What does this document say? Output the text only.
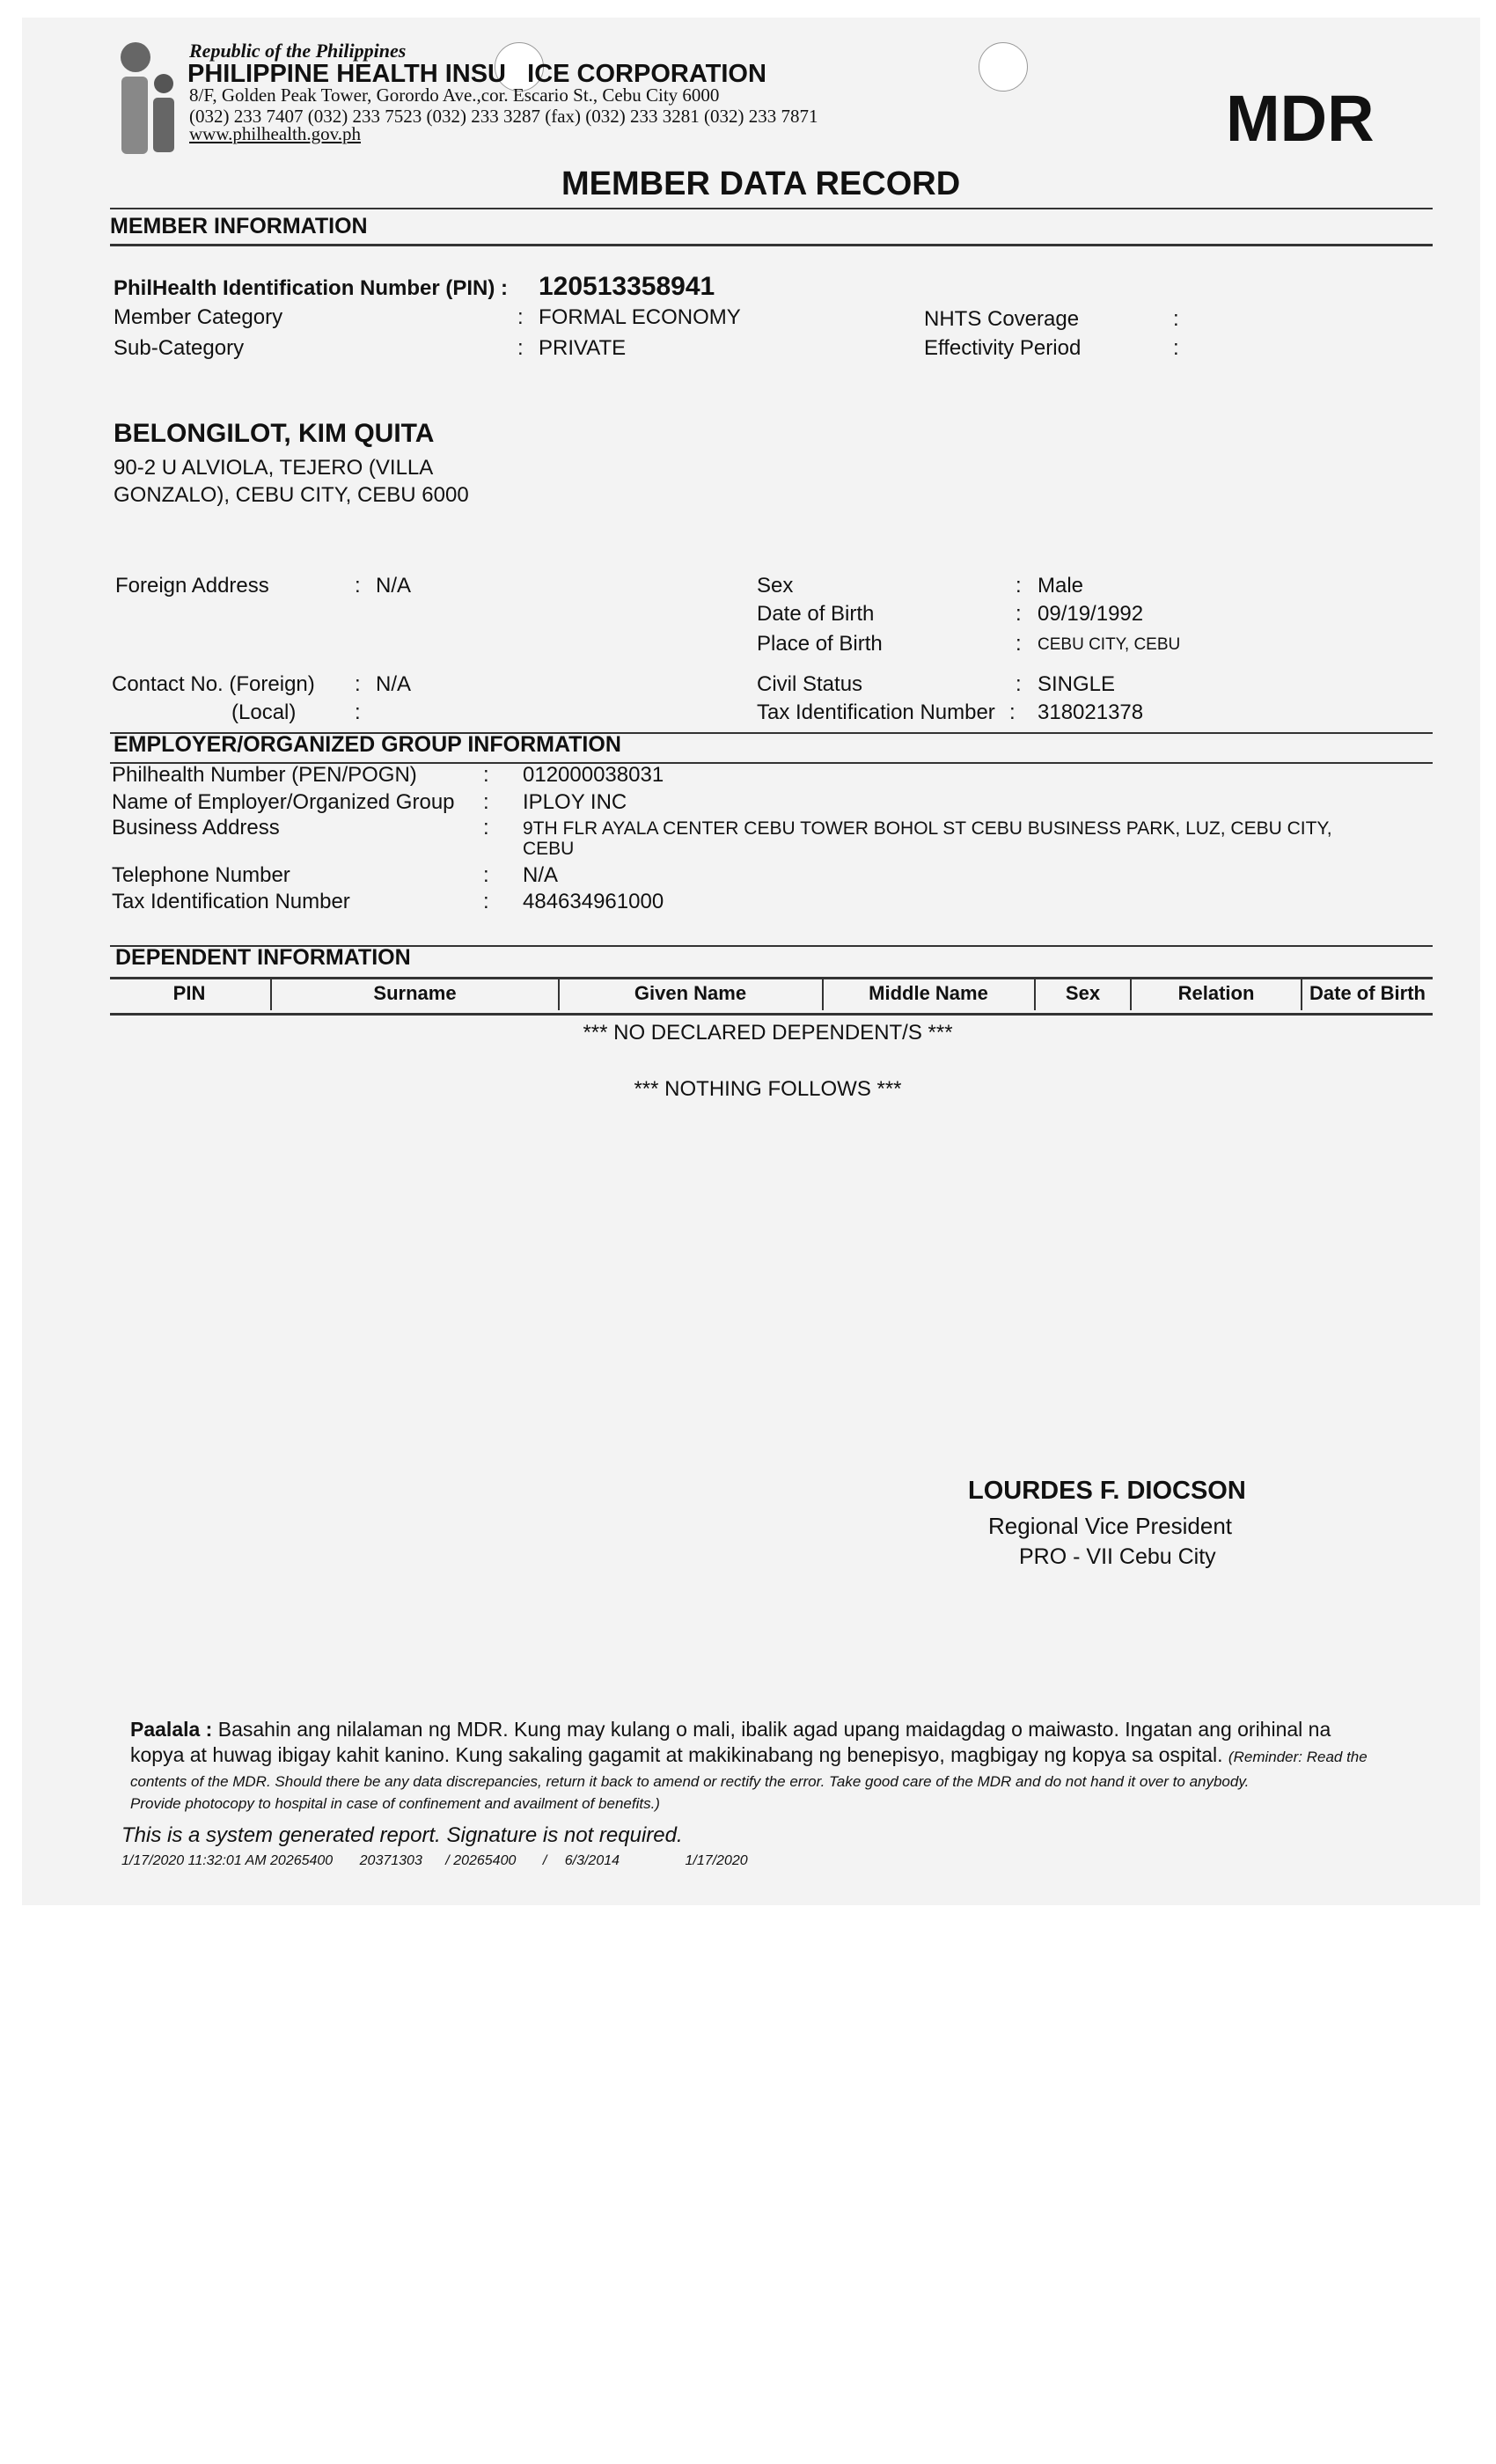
Republic of the Philippines
PHILIPPINE HEALTH INSU   ICE CORPORATION
8/F, Golden Peak Tower, Gorordo Ave.,cor. Escario St., Cebu City 6000
(032) 233 7407 (032) 233 7523 (032) 233 3287 (fax) (032) 233 3281 (032) 233 7871
www.philhealth.gov.ph	MDR
MEMBER DATA RECORD
MEMBER INFORMATION
PhilHealth Identification Number (PIN) : 120513358941
Member Category	: FORMAL ECONOMY
Sub-Category	: PRIVATE
NHTS Coverage	:
Effectivity Period	:
BELONGILOT, KIM QUITA
90-2 U ALVIOLA, TEJERO (VILLA
GONZALO), CEBU CITY, CEBU 6000
Foreign Address	: N/A
Contact No. (Foreign) : N/A
(Local)	:
Sex	: Male
Date of Birth	: 09/19/1992
Place of Birth	: CEBU CITY, CEBU
Civil Status	: SINGLE
Tax Identification Number : 318021378
EMPLOYER/ORGANIZED GROUP INFORMATION
Philhealth Number (PEN/POGN)	: 012000038031
Name of Employer/Organized Group : IPLOY INC
Business Address	: 9TH FLR AYALA CENTER CEBU TOWER BOHOL ST CEBU BUSINESS PARK, LUZ, CEBU CITY,
CEBU
Telephone Number	: N/A
Tax Identification Number	: 484634961000
DEPENDENT INFORMATION
PIN	Surname	Given Name	Middle Name	Sex	Relation	Date of Birth
*** NO DECLARED DEPENDENT/S ***
*** NOTHING FOLLOWS ***
LOURDES F. DIOCSON
Regional Vice President
PRO - VII Cebu City
Paalala : Basahin ang nilalaman ng MDR. Kung may kulang o mali, ibalik agad upang maidagdag o maiwasto. Ingatan ang orihinal na
kopya at huwag ibigay kahit kanino. Kung sakaling gagamit at makikinabang ng benepisyo, magbigay ng kopya sa ospital. (Reminder: Read the
contents of the MDR. Should there be any data discrepancies, return it back to amend or rectify the error. Take good care of the MDR and do not hand it over to anybody.
Provide photocopy to hospital in case of confinement and availment of benefits.)
This is a system generated report. Signature is not required.
1/17/2020 11:32:01 AM 20265400 20371303 / 20265400 / 6/3/2014	1/17/2020
